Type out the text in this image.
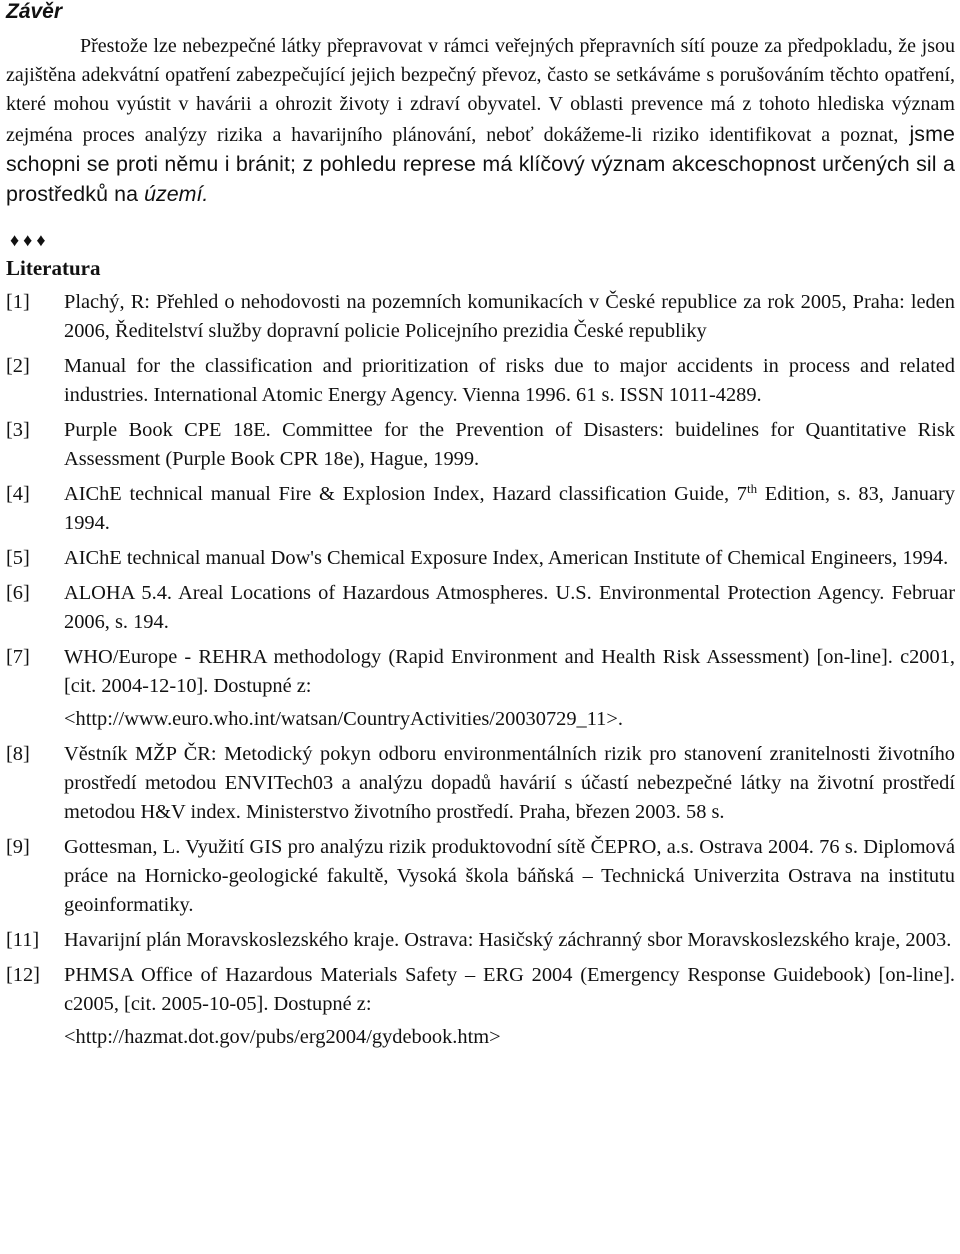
Závěr

Přestože lze nebezpečné látky přepravovat v rámci veřejných přepravních sítí pouze za předpokladu, že jsou zajištěna adekvátní opatření zabezpečující jejich bezpečný převoz, často se setkáváme s porušováním těchto opatření, které mohou vyústit v havárii a ohrozit životy i zdraví obyvatel. V oblasti prevence má z tohoto hlediska význam zejména proces analýzy rizika a havarijního plánování, neboť dokážeme-li riziko identifikovat a poznat, jsme schopni se proti němu i bránit; z pohledu represe má klíčový význam akceschopnost určených sil a prostředků na území.

♦♦♦
Literatura
[1] Plachý, R: Přehled o nehodovosti na pozemních komunikacích v České republice za rok 2005, Praha: leden 2006, Ředitelství služby dopravní policie Policejního prezidia České republiky
[2] Manual for the classification and prioritization of risks due to major accidents in process and related industries. International Atomic Energy Agency. Vienna 1996. 61 s. ISSN 1011-4289.
[3] Purple Book CPE 18E. Committee for the Prevention of Disasters: buidelines for Quantitative Risk Assessment (Purple Book CPR 18e), Hague, 1999.
[4] AIChE technical manual Fire & Explosion Index, Hazard classification Guide, 7th Edition, s. 83, January 1994.
[5] AIChE technical manual Dow's Chemical Exposure Index, American Institute of Chemical Engineers, 1994.
[6] ALOHA 5.4. Areal Locations of Hazardous Atmospheres. U.S. Environmental Protection Agency. Februar 2006, s. 194.
[7] WHO/Europe - REHRA methodology (Rapid Environment and Health Risk Assessment) [on-line]. c2001, [cit. 2004-12-10]. Dostupné z:
<http://www.euro.who.int/watsan/CountryActivities/20030729_11>.
[8] Věstník MŽP ČR: Metodický pokyn odboru environmentálních rizik pro stanovení zranitelnosti životního prostředí metodou ENVITech03 a analýzu dopadů havárií s účastí nebezpečné látky na životní prostředí metodou H&V index. Ministerstvo životního prostředí. Praha, březen 2003. 58 s.
[9] Gottesman, L. Využití GIS pro analýzu rizik produktovodní sítě ČEPRO, a.s. Ostrava 2004. 76 s. Diplomová práce na Hornicko-geologické fakultě, Vysoká škola báňská – Technická Univerzita Ostrava na institutu geoinformatiky.
[11] Havarijní plán Moravskoslezského kraje. Ostrava: Hasičský záchranný sbor Moravskoslezského kraje, 2003.
[12] PHMSA Office of Hazardous Materials Safety – ERG 2004 (Emergency Response Guidebook) [on-line]. c2005, [cit. 2005-10-05]. Dostupné z:
<http://hazmat.dot.gov/pubs/erg2004/gydebook.htm>
